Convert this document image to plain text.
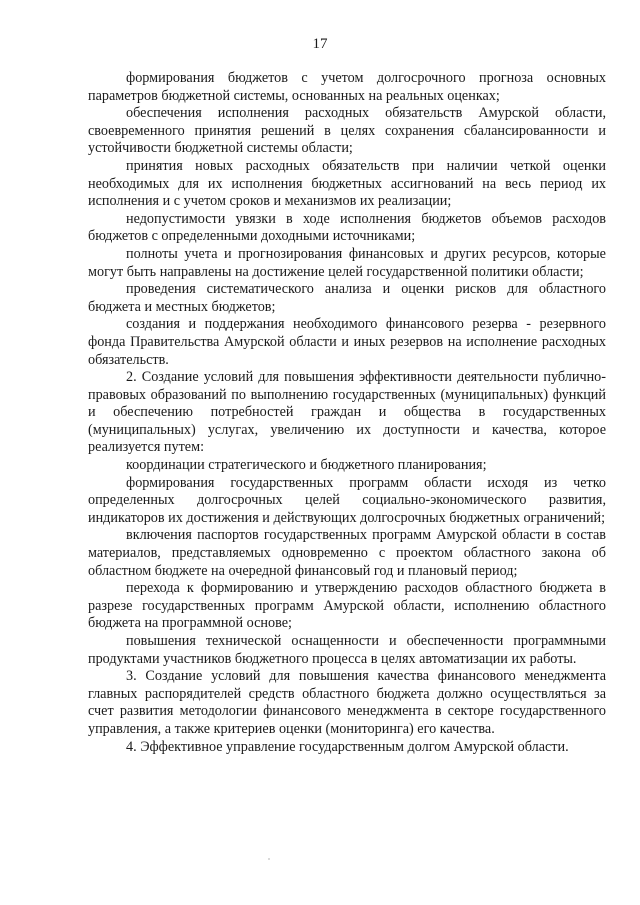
17

формирования бюджетов с учетом долгосрочного прогноза основных параметров бюджетной системы, основанных на реальных оценках;

обеспечения исполнения расходных обязательств Амурской области, своевременного принятия решений в целях сохранения сбалансированности и устойчивости бюджетной системы области;

принятия новых расходных обязательств при наличии четкой оценки необходимых для их исполнения бюджетных ассигнований на весь период их исполнения и с учетом сроков и механизмов их реализации;

недопустимости увязки в ходе исполнения бюджетов объемов расходов бюджетов с определенными доходными источниками;

полноты учета и прогнозирования финансовых и других ресурсов, которые могут быть направлены на достижение целей государственной политики области;

проведения систематического анализа и оценки рисков для областного бюджета и местных бюджетов;

создания и поддержания необходимого финансового резерва - резервного фонда Правительства Амурской области и иных резервов на исполнение расходных обязательств.

2. Создание условий для повышения эффективности деятельности публично-правовых образований по выполнению государственных (муниципальных) функций и обеспечению потребностей граждан и общества в государственных (муниципальных) услугах, увеличению их доступности и качества, которое реализуется путем:

координации стратегического и бюджетного планирования;

формирования государственных программ области исходя из четко определенных долгосрочных целей социально-экономического развития, индикаторов их достижения и действующих долгосрочных бюджетных ограничений;

включения паспортов государственных программ Амурской области в состав материалов, представляемых одновременно с проектом областного закона об областном бюджете на очередной финансовый год и плановый период;

перехода к формированию и утверждению расходов областного бюджета в разрезе государственных программ Амурской области, исполнению областного бюджета на программной основе;

повышения технической оснащенности и обеспеченности программными продуктами участников бюджетного процесса в целях автоматизации их работы.

3. Создание условий для повышения качества финансового менеджмента главных распорядителей средств областного бюджета должно осуществляться за счет развития методологии финансового менеджмента в секторе государственного управления, а также критериев оценки (мониторинга) его качества.

4. Эффективное управление государственным долгом Амурской области.
